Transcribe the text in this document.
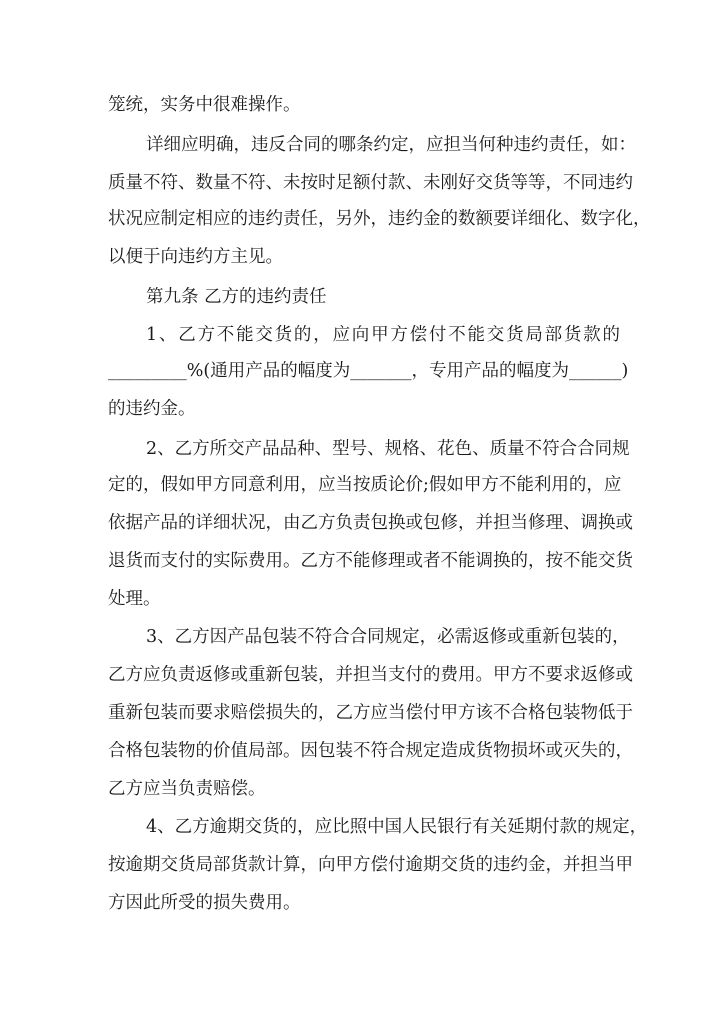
笼统，实务中很难操作。
详细应明确，违反合同的哪条约定，应担当何种违约责任，如：
质量不符、数量不符、未按时足额付款、未刚好交货等等，不同违约
状况应制定相应的违约责任，另外，违约金的数额要详细化、数字化，
以便于向违约方主见。
第九条 乙方的违约责任
1、乙方不能交货的，应向甲方偿付不能交货局部货款的
_________%(通用产品的幅度为_______，专用产品的幅度为______)
的违约金。
2、乙方所交产品品种、型号、规格、花色、质量不符合合同规
定的，假如甲方同意利用，应当按质论价;假如甲方不能利用的，应
依据产品的详细状况，由乙方负责包换或包修，并担当修理、调换或
退货而支付的实际费用。乙方不能修理或者不能调换的，按不能交货
处理。
3、乙方因产品包装不符合合同规定，必需返修或重新包装的，
乙方应负责返修或重新包装，并担当支付的费用。甲方不要求返修或
重新包装而要求赔偿损失的，乙方应当偿付甲方该不合格包装物低于
合格包装物的价值局部。因包装不符合规定造成货物损坏或灭失的，
乙方应当负责赔偿。
4、乙方逾期交货的，应比照中国人民银行有关延期付款的规定，
按逾期交货局部货款计算，向甲方偿付逾期交货的违约金，并担当甲
方因此所受的损失费用。
